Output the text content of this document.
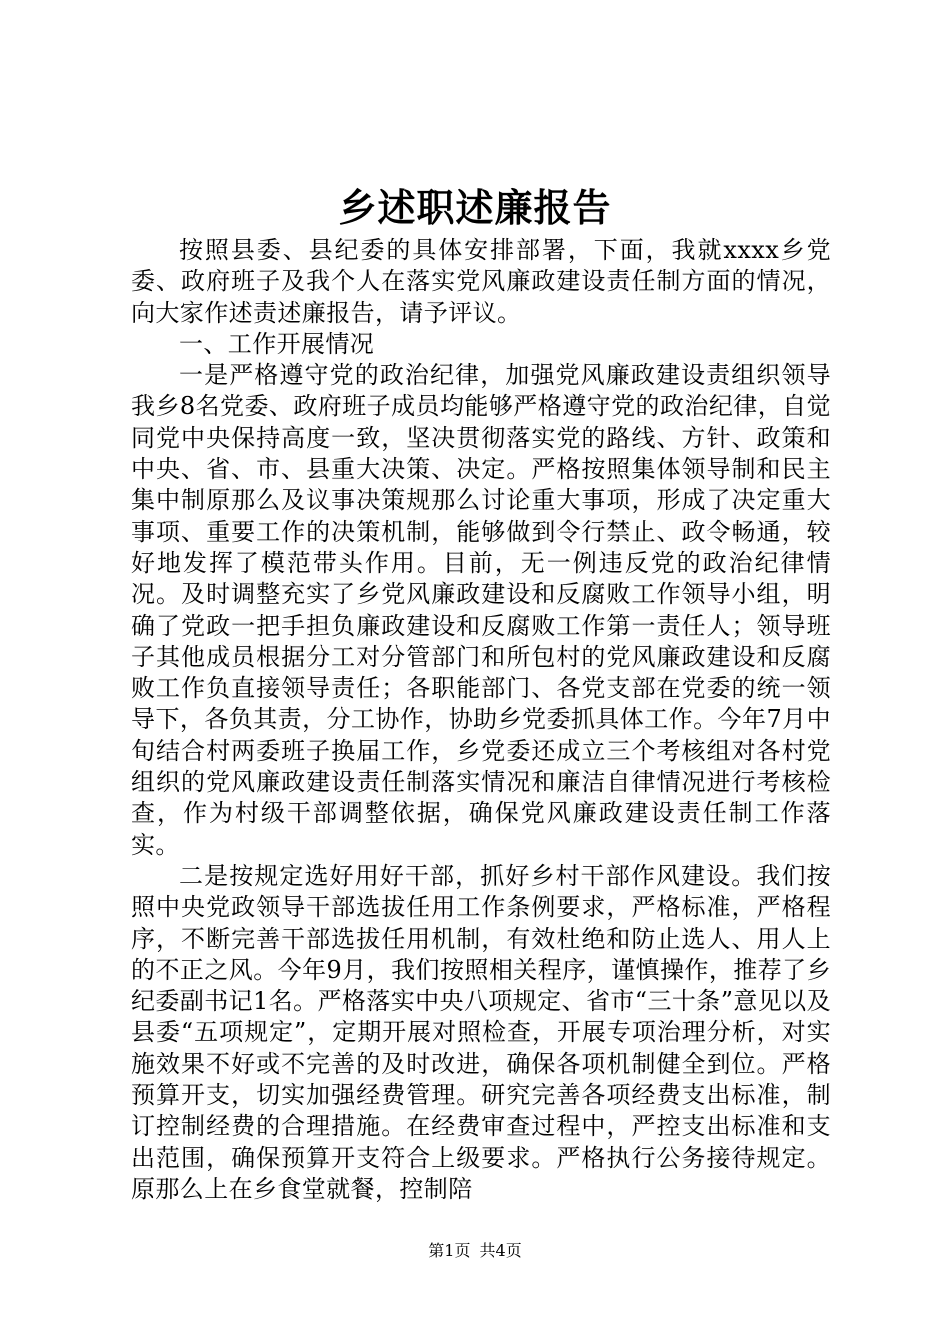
乡述职述廉报告

按照县委、县纪委的具体安排部署，下面，我就xxxx乡党委、政府班子及我个人在落实党风廉政建设责任制方面的情况，向大家作述责述廉报告，请予评议。

一、工作开展情况

一是严格遵守党的政治纪律，加强党风廉政建设责组织领导我乡8名党委、政府班子成员均能够严格遵守党的政治纪律，自觉同党中央保持高度一致，坚决贯彻落实党的路线、方针、政策和中央、省、市、县重大决策、决定。严格按照集体领导制和民主集中制原那么及议事决策规那么讨论重大事项，形成了决定重大事项、重要工作的决策机制，能够做到令行禁止、政令畅通，较好地发挥了模范带头作用。目前，无一例违反党的政治纪律情况。及时调整充实了乡党风廉政建设和反腐败工作领导小组，明确了党政一把手担负廉政建设和反腐败工作第一责任人；领导班子其他成员根据分工对分管部门和所包村的党风廉政建设和反腐败工作负直接领导责任；各职能部门、各党支部在党委的统一领导下，各负其责，分工协作，协助乡党委抓具体工作。今年7月中旬结合村两委班子换届工作，乡党委还成立三个考核组对各村党组织的党风廉政建设责任制落实情况和廉洁自律情况进行考核检查，作为村级干部调整依据，确保党风廉政建设责任制工作落实。

二是按规定选好用好干部，抓好乡村干部作风建设。我们按照中央党政领导干部选拔任用工作条例要求，严格标准，严格程序，不断完善干部选拔任用机制，有效杜绝和防止选人、用人上的不正之风。今年9月，我们按照相关程序，谨慎操作，推荐了乡纪委副书记1名。严格落实中央八项规定、省市“三十条”意见以及县委“五项规定”，定期开展对照检查，开展专项治理分析，对实施效果不好或不完善的及时改进，确保各项机制健全到位。严格预算开支，切实加强经费管理。研究完善各项经费支出标准，制订控制经费的合理措施。在经费审查过程中，严控支出标准和支出范围，确保预算开支符合上级要求。严格执行公务接待规定。原那么上在乡食堂就餐，控制陪

第1页 共4页
